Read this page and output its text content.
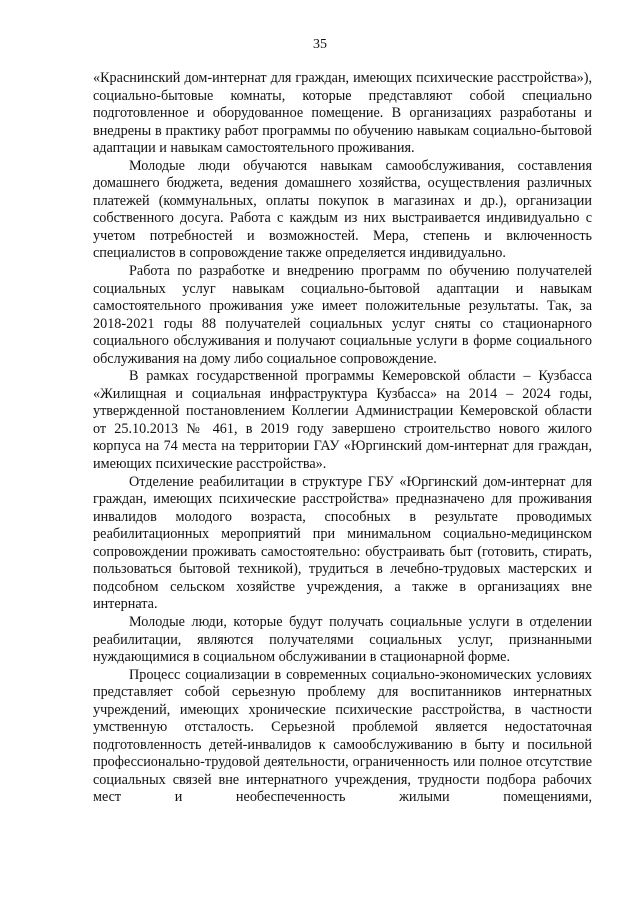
35

«Краснинский дом-интернат для граждан, имеющих психические расстройства»), социально-бытовые комнаты, которые представляют собой специально подготовленное и оборудованное помещение. В организациях разработаны и внедрены в практику работ программы по обучению навыкам социально-бытовой адаптации и навыкам самостоятельного проживания.

Молодые люди обучаются навыкам самообслуживания, составления домашнего бюджета, ведения домашнего хозяйства, осуществления различных платежей (коммунальных, оплаты покупок в магазинах и др.), организации собственного досуга. Работа с каждым из них выстраивается индивидуально с учетом потребностей и возможностей. Мера, степень и включенность специалистов в сопровождение также определяется индивидуально.

Работа по разработке и внедрению программ по обучению получателей социальных услуг навыкам социально-бытовой адаптации и навыкам самостоятельного проживания уже имеет положительные результаты. Так, за 2018-2021 годы 88 получателей социальных услуг сняты со стационарного социального обслуживания и получают социальные услуги в форме социального обслуживания на дому либо социальное сопровождение.

В рамках государственной программы Кемеровской области – Кузбасса «Жилищная и социальная инфраструктура Кузбасса» на 2014 – 2024 годы, утвержденной постановлением Коллегии Администрации Кемеровской области от 25.10.2013 № 461, в 2019 году завершено строительство нового жилого корпуса на 74 места на территории ГАУ «Юргинский дом-интернат для граждан, имеющих психические расстройства».

Отделение реабилитации в структуре ГБУ «Юргинский дом-интернат для граждан, имеющих психические расстройства» предназначено для проживания инвалидов молодого возраста, способных в результате проводимых реабилитационных мероприятий при минимальном социально-медицинском сопровождении проживать самостоятельно: обустраивать быт (готовить, стирать, пользоваться бытовой техникой), трудиться в лечебно-трудовых мастерских и подсобном сельском хозяйстве учреждения, а также в организациях вне интерната.

Молодые люди, которые будут получать социальные услуги в отделении реабилитации, являются получателями социальных услуг, признанными нуждающимися в социальном обслуживании в стационарной форме.

Процесс социализации в современных социально-экономических условиях представляет собой серьезную проблему для воспитанников интернатных учреждений, имеющих хронические психические расстройства, в частности умственную отсталость. Серьезной проблемой является недостаточная подготовленность детей-инвалидов к самообслуживанию в быту и посильной профессионально-трудовой деятельности, ограниченность или полное отсутствие социальных связей вне интернатного учреждения, трудности подбора рабочих мест и необеспеченность жилыми помещениями,
